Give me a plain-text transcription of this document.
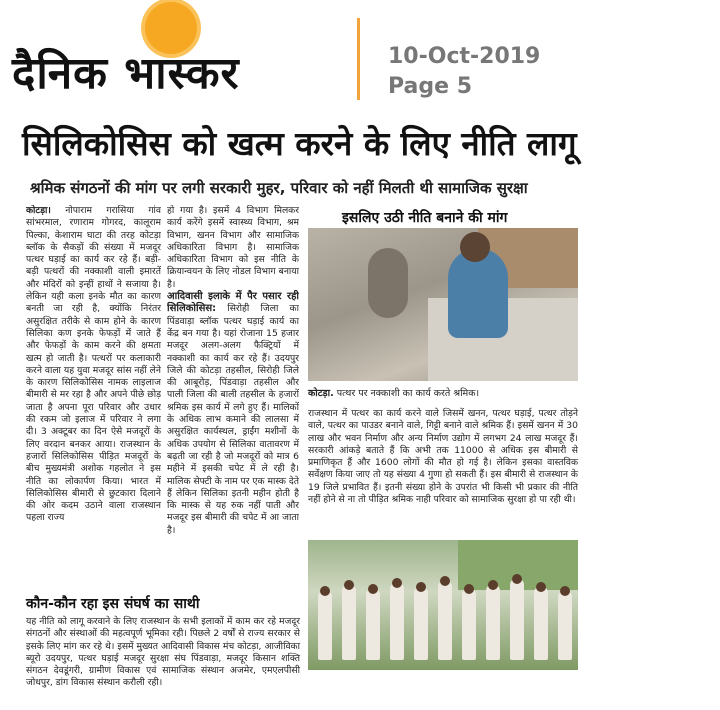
दैनिक भास्कर	10-Oct-2019
Page 5
सिलिकोसिस को खत्म करने के लिए नीति लागू
श्रमिक संगठनों की मांग पर लगी सरकारी मुहर, परिवार को नहीं मिलती थी सामाजिक सुरक्षा

कोटड़ा। नोपाराम गरासिया गांव सांभरमाल, रणाराम गोगरद, कालूराम पिल्का, केशाराम घाटा की तरह कोटड़ा ब्लॉक के सैकड़ों की संख्या में मजदूर पत्थर घड़ाई का कार्य कर रहे हैं। बड़ी-बड़ी पत्थरों की नक्काशी वाली इमारतें और मंदिरों को इन्हीं हाथों ने सजाया है। लेकिन यही कला इनके मौत का कारण बनती जा रही है, क्योंकि निरंतर असुरक्षित तरीके से काम होने के कारण सिलिका कण इनके फेफड़ों में जाते हैं और फेफड़ों के काम करने की क्षमता खत्म हो जाती है। पत्थरों पर कलाकारी करने वाला यह युवा मजदूर सांस नहीं लेने के कारण सिलिकोसिस नामक लाइलाज बीमारी से मर रहा है और अपने पीछे छोड़ जाता है अपना पूरा परिवार और उधार की रकम जो इलाज में परिवार ने लगा दी। 3 अक्टूबर का दिन ऐसे मजदूरों के लिए वरदान बनकर आया। राजस्थान के हजारों सिलिकोसिस पीड़ित मजदूरों के बीच मुख्यमंत्री अशोक गहलोत ने इस नीति का लोकार्पण किया। भारत में सिलिकोसिस बीमारी से छुटकारा दिलाने की ओर कदम उठाने वाला राजस्थान पहला राज्य

हो गया है। इसमें 4 विभाग मिलकर कार्य करेंगे इसमें स्वास्थ्य विभाग, श्रम विभाग, खनन विभाग और सामाजिक अधिकारिता विभाग है। सामाजिक अधिकारिता विभाग को इस नीति के क्रियान्वयन के लिए नोडल विभाग बनाया है।

आदिवासी इलाके में पैर पसार रही सिलिकोसिस: सिरोही जिला का पिंडवाड़ा ब्लॉक पत्थर घड़ाई कार्य का केंद्र बन गया है। यहां रोजाना 15 हजार मजदूर अलग-अलग फैक्ट्रियों में नक्काशी का कार्य कर रहे हैं। उदयपुर जिले की कोटड़ा तहसील, सिरोही जिले की आबूरोड़, पिंडवाड़ा तहसील और पाली जिला की बाली तहसील के हजारों श्रमिक इस कार्य में लगे हुए हैं। मालिकों के अधिक लाभ कमाने की लालसा में असुरक्षित कार्यस्थल, ड्राईंग मशीनों के अधिक उपयोग से सिलिका वातावरण में बढ़ती जा रही है जो मजदूरों को मात्र 6 महीने में इसकी चपेट में ले रही है। मालिक सेफ्टी के नाम पर एक मास्क देते हैं लेकिन सिलिका इतनी महीन होती है कि मास्क से यह रुक नहीं पाती और मजदूर इस बीमारी की चपेट में आ जाता है।

कौन-कौन रहा इस संघर्ष का साथी
यह नीति को लागू करवाने के लिए राजस्थान के सभी इलाकों में काम कर रहे मजदूर संगठनों और संस्थाओं की महत्वपूर्ण भूमिका रही। पिछले 2 वर्षों से राज्य सरकार से इसके लिए मांग कर रहे थे। इसमें मुख्यत आदिवासी विकास मंच कोटड़ा, आजीविका ब्यूरो उदयपुर, पत्थर घड़ाई मजदूर सुरक्षा संघ पिंडवाड़ा, मजदूर किसान शक्ति संगठन देवडूंगरी, ग्रामीण विकास एवं सामाजिक संस्थान अजमेर, एमएलपीसी जोधपुर, डांग विकास संस्थान करौली रही।
इसलिए उठी नीति बनाने की मांग
कोटड़ा. पत्थर पर नक्काशी का कार्य करते श्रमिक।
राजस्थान में पत्थर का कार्य करने वाले जिसमें खनन, पत्थर घड़ाई, पत्थर तोड़ने वाले, पत्थर का पाउडर बनाने वाले, गिट्टी बनाने वाले श्रमिक हैं। इसमें खनन में 30 लाख और भवन निर्माण और अन्य निर्माण उद्योग में लगभग 24 लाख मजदूर हैं। सरकारी आंकड़े बताते हैं कि अभी तक 11000 से अधिक इस बीमारी से प्रमाणिकृत हैं और 1600 लोगों की मौत हो गई है। लेकिन इसका वास्तविक सर्वेक्षण किया जाए तो यह संख्या 4 गुणा हो सकती हैं। इस बीमारी से राजस्थान के 19 जिले प्रभावित हैं। इतनी संख्या होने के उपरांत भी किसी भी प्रकार की नीति नहीं होने से ना तो पीड़ित श्रमिक नाही परिवार को सामाजिक सुरक्षा हो पा रही थी।
